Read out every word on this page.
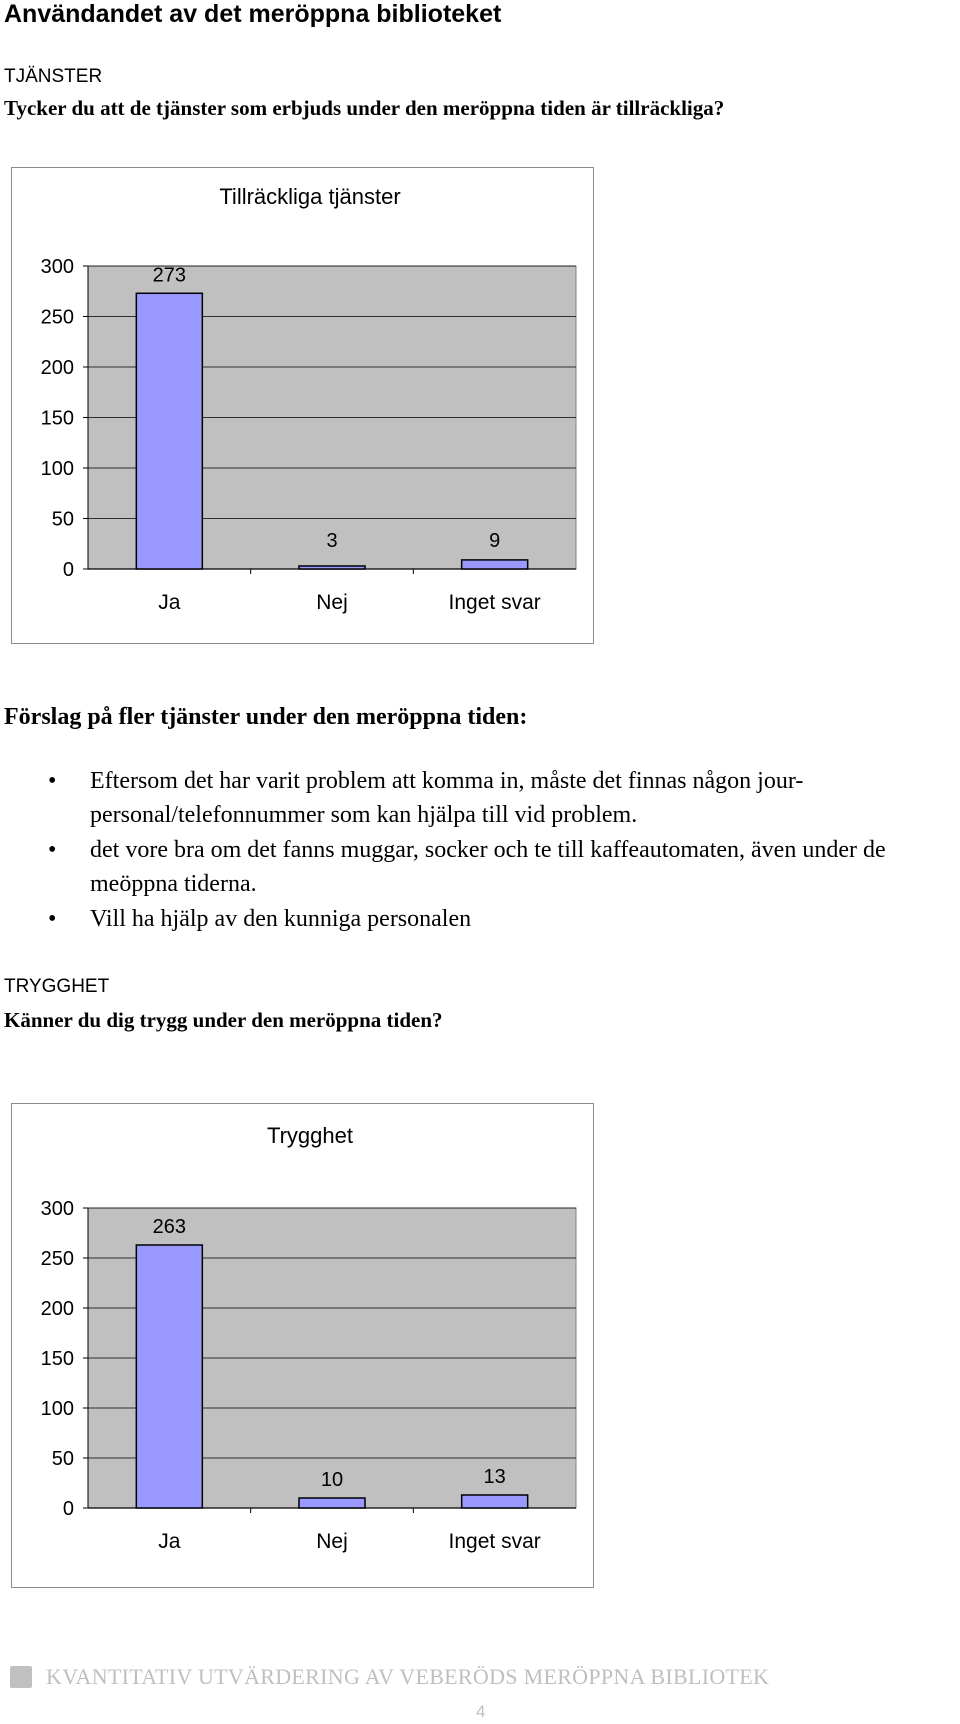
Användandet av det meröppna biblioteket
TJÄNSTER
Tycker du att de tjänster som erbjuds under den meröppna tiden är tillräckliga?
Tillräckliga tjänster
0
50
100
150
200
250
300	273
Ja
3
Nej
9
Inget svar
Förslag på fler tjänster under den meröppna tiden:
• Eftersom det har varit problem att komma in, måste det finnas någon jour-personal/telefonnummer som kan hjälpa till vid problem.
• det vore bra om det fanns muggar, socker och te till kaffeautomaten, även under de meöppna tiderna.
• Vill ha hjälp av den kunniga personalen
TRYGGHET
Känner du dig trygg under den meröppna tiden?
Trygghet
0
50
100
150
200
250
300
263
Ja
10
Nej
13
Inget svar
KVANTITATIV UTVÄRDERING AV VEBERÖDS MERÖPPNA BIBLIOTEK
4
